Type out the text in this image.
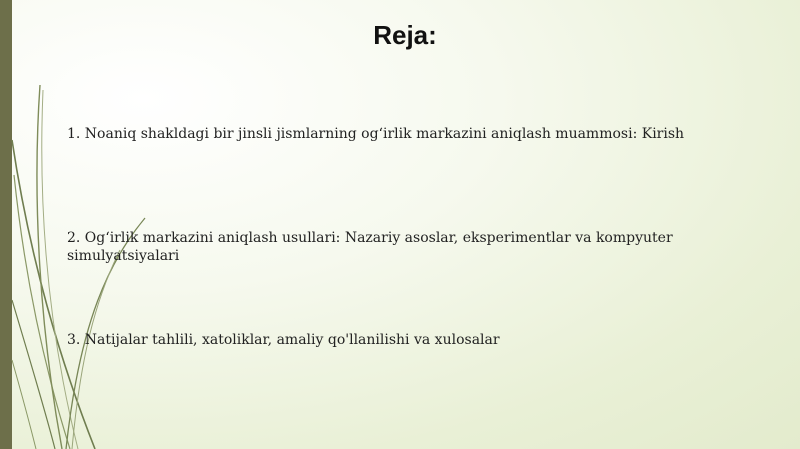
Reja:
1. Noaniq shakldagi bir jinsli jismlarning og‘irlik markazini aniqlash muammosi: Kirish
2. Og‘irlik markazini aniqlash usullari: Nazariy asoslar, eksperimentlar va kompyuter simulyatsiyalari
3. Natijalar tahlili, xatoliklar, amaliy qo'llanilishi va xulosalar
